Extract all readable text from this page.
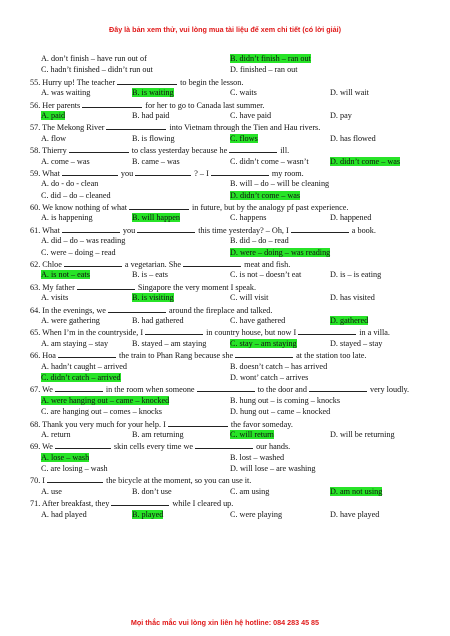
Đây là bản xem thử, vui lòng mua tài liệu để xem chi tiết (có lời giải)
A. don’t finish – have run out of	B. didn’t finish – ran out
C. hadn’t finished – didn’t run out	D. finished – ran out
55. Hurry up! The teacher	to begin the lesson.
A. was waiting	B. is waiting	C. waits	D. will wait
56. Her parents	for her to go to Canada last summer.
A. paid	B. had paid	C. have paid	D. pay
57. The Mekong River	into Vietnam through the Tien and Hau rivers.
A. flow	B. is flowing	C. flows	D. has flowed
58. Thierry	to class yesterday because he	ill.
A. come – was	B. came – was	C. didn’t come – wasn’t	D. didn’t come – was
59. What	you	? – I	my room.
A. do - do - clean	B. will – do – will be cleaning
C. did – do – cleaned	D. didn’t come – was
60. We know nothing of what	in future, but by the analogy pf past experience.
A. is happening	B. will happen	C. happens	D. happened
61. What	you	this time yesterday? – Oh, I	a book.
A. did – do – was reading	B. did – do – read
C. were – doing – read	D. were – doing – was reading
62. Chloe	a vegetarian. She	meat and fish.
A. is not – eats	B. is – eats	C. is not – doesn’t eat	D. is – is eating
63. My father	Singapore the very moment I speak.
A. visits	B. is visiting	C. will visit	D. has visited
64. In the evenings, we	around the fireplace and talked.
A. were gathering	B. had gathered	C. have gathered	D. gathered
65. When I’m in the countryside, I	in country house, but now I	in a villa.
A. am staying – stay	B. stayed – am staying	C. stay – am staying	D. stayed – stay
66. Hoa	the train to Phan Rang because she	at the station too late.
A. hadn’t caught – arrived	B. doesn’t catch – has arrived
C. didn’t catch – arrived	D. wont’ catch – arrives
67. We	in the room when someone	to the door and	very loudly.
A. were hanging out – came – knocked	B. hung out – is coming – knocks
C. are hanging out – comes – knocks	D. hung out – came – knocked
68. Thank you very much for your help. I	the favor someday.
A. return	B. am returning	C. will return	D. will be returning
69. We	skin cells every time we	our hands.
A. lose – wash	B. lost – washed
C. are losing – wash	D. will lose – are washing
70. I	the bicycle at the moment, so you can use it.
A. use	B. don’t use	C. am using	D. am not using
71. After breakfast, they	while I cleared up.
A. had played	B. played	C. were playing	D. have played
Mọi thắc mắc vui lòng xin liên hệ hotline: 084 283 45 85
